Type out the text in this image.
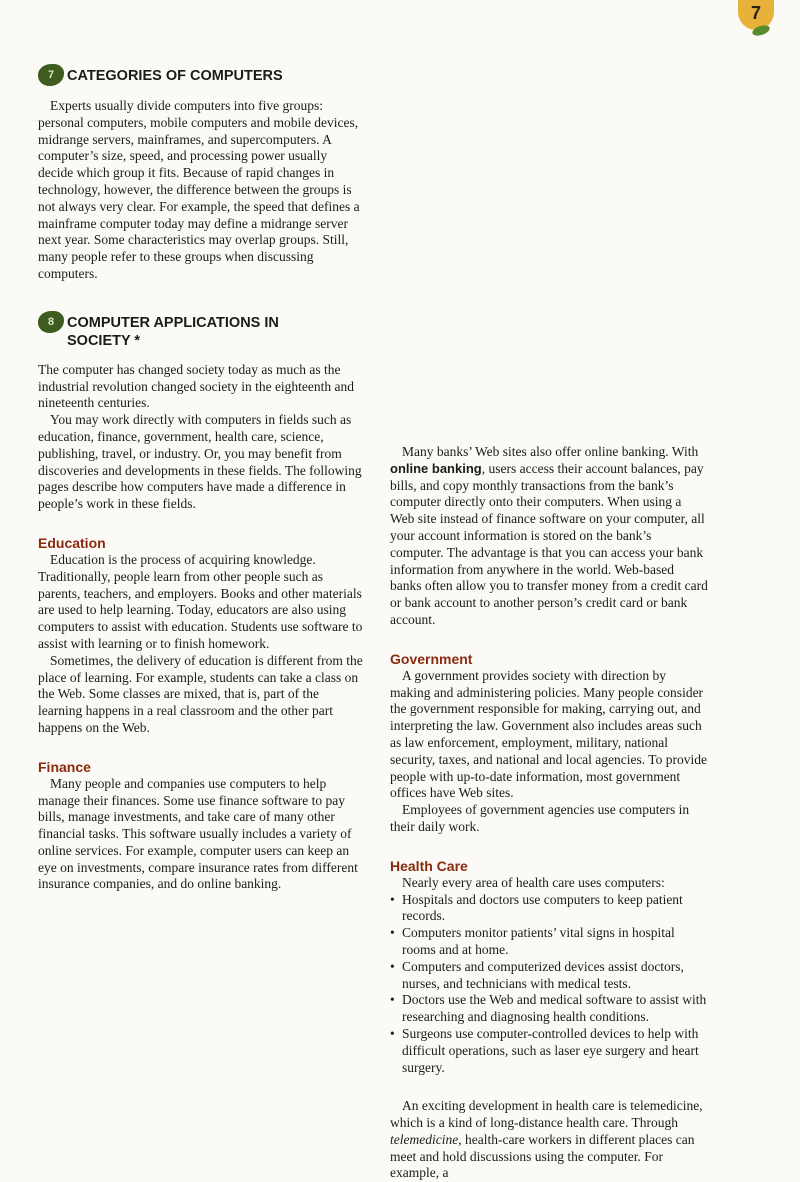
7
7 CATEGORIES OF COMPUTERS

Experts usually divide computers into five groups: personal computers, mobile computers and mobile devices, midrange servers, mainframes, and supercomputers. A computer’s size, speed, and processing power usually decide which group it fits. Because of rapid changes in technology, however, the difference between the groups is not always very clear. For example, the speed that defines a mainframe computer today may define a midrange server next year. Some characteristics may overlap groups. Still, many people refer to these groups when discussing computers.

8 COMPUTER APPLICATIONS IN SOCIETY *

The computer has changed society today as much as the industrial revolution changed society in the eighteenth and nineteenth centuries.

You may work directly with computers in fields such as education, finance, government, health care, science, publishing, travel, or industry. Or, you may benefit from discoveries and developments in these fields. The following pages describe how computers have made a difference in people’s work in these fields.

Education

Education is the process of acquiring knowledge. Traditionally, people learn from other people such as parents, teachers, and employers. Books and other materials are used to help learning. Today, educators are also using computers to assist with education. Students use software to assist with learning or to finish homework.

Sometimes, the delivery of education is different from the place of learning. For example, students can take a class on the Web. Some classes are mixed, that is, part of the learning happens in a real classroom and the other part happens on the Web.

Finance

Many people and companies use computers to help manage their finances. Some use finance software to pay bills, manage investments, and take care of many other financial tasks. This software usually includes a variety of online services. For example, computer users can keep an eye on investments, compare insurance rates from different insurance companies, and do online banking.

Many banks’ Web sites also offer online banking. With online banking, users access their account balances, pay bills, and copy monthly transactions from the bank’s computer directly onto their computers. When using a Web site instead of finance software on your computer, all your account information is stored on the bank’s computer. The advantage is that you can access your bank information from anywhere in the world. Web-based banks often allow you to transfer money from a credit card or bank account to another person’s credit card or bank account.

Government

A government provides society with direction by making and administering policies. Many people consider the government responsible for making, carrying out, and interpreting the law. Government also includes areas such as law enforcement, employment, military, national security, taxes, and national and local agencies. To provide people with up-to-date information, most government offices have Web sites.

Employees of government agencies use computers in their daily work.

Health Care

Nearly every area of health care uses computers:

• Hospitals and doctors use computers to keep patient records.
• Computers monitor patients’ vital signs in hospital rooms and at home.
• Computers and computerized devices assist doctors, nurses, and technicians with medical tests.
• Doctors use the Web and medical software to assist with researching and diagnosing health conditions.
• Surgeons use computer-controlled devices to help with difficult operations, such as laser eye surgery and heart surgery.

An exciting development in health care is telemedicine, which is a kind of long-distance health care. Through telemedicine, health-care workers in different places can meet and hold discussions using the computer. For example, a
